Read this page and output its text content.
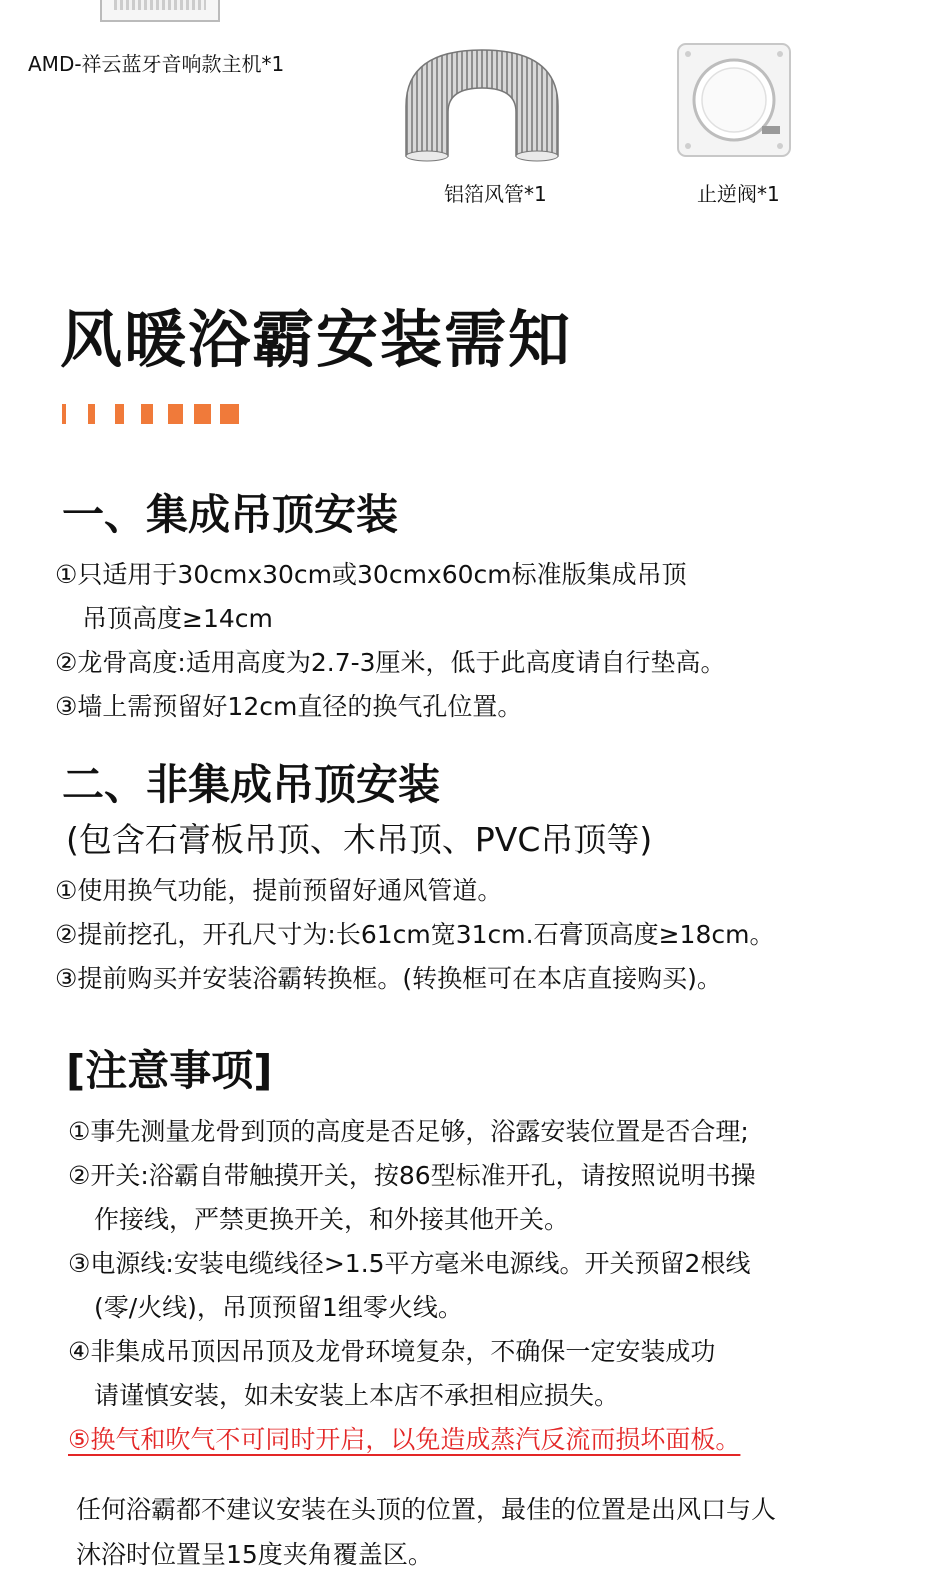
AMD-祥云蓝牙音响款主机*1
铝箔风管*1	止逆阀*1
风暖浴霸安装需知
一、集成吊顶安装
①只适用于30cmx30cm或30cmx60cm标准版集成吊顶
吊顶高度≥14cm
②龙骨高度:适用高度为2.7-3厘米，低于此高度请自行垫高。
③墙上需预留好12cm直径的换气孔位置。
二、非集成吊顶安装
(包含石膏板吊顶、木吊顶、PVC吊顶等)
①使用换气功能，提前预留好通风管道。
②提前挖孔，开孔尺寸为:长61cm宽31cm.石膏顶高度≥18cm。
③提前购买并安装浴霸转换框。(转换框可在本店直接购买)。
[注意事项]
①事先测量龙骨到顶的高度是否足够，浴露安装位置是否合理;
②开关:浴霸自带触摸开关，按86型标准开孔，请按照说明书操
作接线，严禁更换开关，和外接其他开关。
③电源线:安装电缆线径>1.5平方毫米电源线。开关预留2根线
(零/火线)，吊顶预留1组零火线。
④非集成吊顶因吊顶及龙骨环境复杂，不确保一定安装成功
请谨慎安装，如未安装上本店不承担相应损失。
⑤换气和吹气不可同时开启，以免造成蒸汽反流而损坏面板。
任何浴霸都不建议安装在头顶的位置，最佳的位置是出风口与人
沐浴时位置呈15度夹角覆盖区。
